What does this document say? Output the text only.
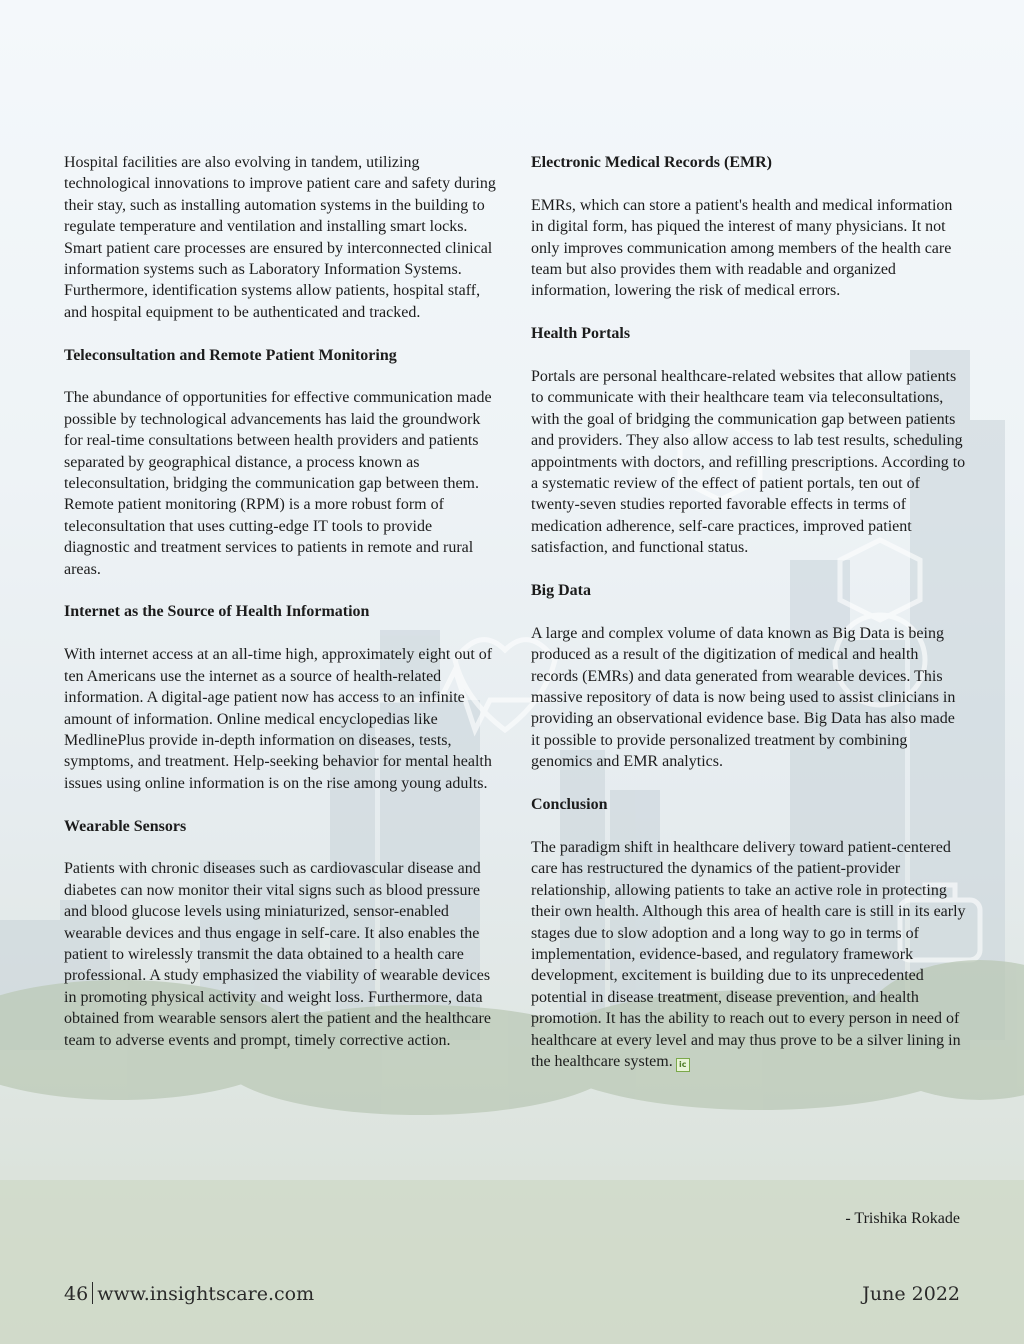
Hospital facilities are also evolving in tandem, utilizing technological innovations to improve patient care and safety during their stay, such as installing automation systems in the building to regulate temperature and ventilation and installing smart locks. Smart patient care processes are ensured by interconnected clinical information systems such as Laboratory Information Systems. Furthermore, identification systems allow patients, hospital staff, and hospital equipment to be authenticated and tracked.

Teleconsultation and Remote Patient Monitoring

The abundance of opportunities for effective communication made possible by technological advancements has laid the groundwork for real-time consultations between health providers and patients separated by geographical distance, a process known as teleconsultation, bridging the communication gap between them. Remote patient monitoring (RPM) is a more robust form of teleconsultation that uses cutting-edge IT tools to provide diagnostic and treatment services to patients in remote and rural areas.

Internet as the Source of Health Information

With internet access at an all-time high, approximately eight out of ten Americans use the internet as a source of health-related information. A digital-age patient now has access to an infinite amount of information. Online medical encyclopedias like MedlinePlus provide in-depth information on diseases, tests, symptoms, and treatment. Help-seeking behavior for mental health issues using online information is on the rise among young adults.

Wearable Sensors

Patients with chronic diseases such as cardiovascular disease and diabetes can now monitor their vital signs such as blood pressure and blood glucose levels using miniaturized, sensor-enabled wearable devices and thus engage in self-care. It also enables the patient to wirelessly transmit the data obtained to a health care professional. A study emphasized the viability of wearable devices in promoting physical activity and weight loss. Furthermore, data obtained from wearable sensors alert the patient and the healthcare team to adverse events and prompt, timely corrective action.

Electronic Medical Records (EMR)

EMRs, which can store a patient's health and medical information in digital form, has piqued the interest of many physicians. It not only improves communication among members of the health care team but also provides them with readable and organized information, lowering the risk of medical errors.

Health Portals

Portals are personal healthcare-related websites that allow patients to communicate with their healthcare team via teleconsultations, with the goal of bridging the communication gap between patients and providers. They also allow access to lab test results, scheduling appointments with doctors, and refilling prescriptions. According to a systematic review of the effect of patient portals, ten out of twenty-seven studies reported favorable effects in terms of medication adherence, self-care practices, improved patient satisfaction, and functional status.

Big Data

A large and complex volume of data known as Big Data is being produced as a result of the digitization of medical and health records (EMRs) and data generated from wearable devices. This massive repository of data is now being used to assist clinicians in providing an observational evidence base. Big Data has also made it possible to provide personalized treatment by combining genomics and EMR analytics.

Conclusion

The paradigm shift in healthcare delivery toward patient-centered care has restructured the dynamics of the patient-provider relationship, allowing patients to take an active role in protecting their own health. Although this area of health care is still in its early stages due to slow adoption and a long way to go in terms of implementation, evidence-based, and regulatory framework development, excitement is building due to its unprecedented potential in disease treatment, disease prevention, and health promotion. It has the ability to reach out to every person in need of healthcare at every level and may thus prove to be a silver lining in the healthcare system. ic

- Trishika Rokade
46 www.insightscare.com	June 2022
